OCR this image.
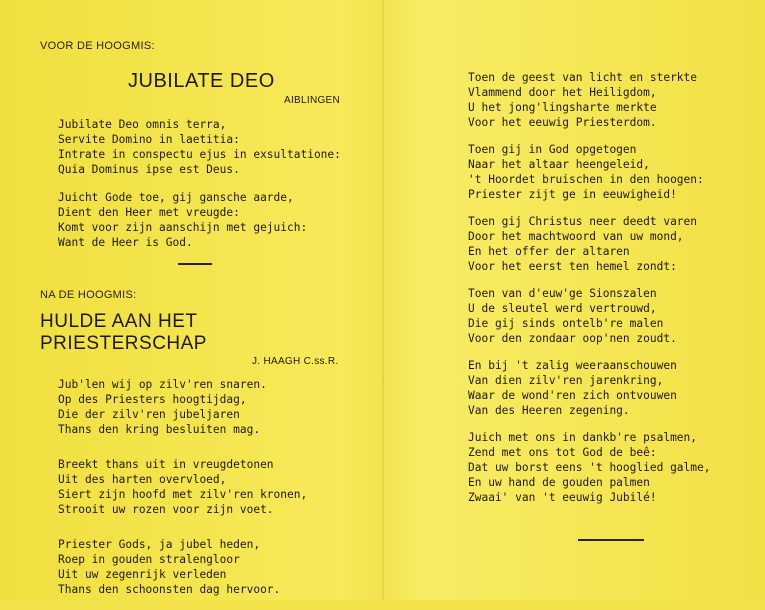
VOOR DE HOOGMIS:
JUBILATE DEO
AIBLINGEN
Jubilate Deo omnis terra,
Servite Domino in laetitia:
Intrate in conspectu ejus in exsultatione:
Quia Dominus ipse est Deus.
Juicht Gode toe, gij gansche aarde,
Dient den Heer met vreugde:
Komt voor zijn aanschijn met gejuich:
Want de Heer is God.
NA DE HOOGMIS:
HULDE AAN HET PRIESTERSCHAP
J. HAAGH C.ss.R.
Jub'len wij op zilv'ren snaren.
Op des Priesters hoogtijdag,
Die der zilv'ren jubeljaren
Thans den kring besluiten mag.
Breekt thans uit in vreugdetonen
Uit des harten overvloed,
Siert zijn hoofd met zilv'ren kronen,
Strooit uw rozen voor zijn voet.
Priester Gods, ja jubel heden,
Roep in gouden stralengloor
Uit uw zegenrijk verleden
Thans den schoonsten dag hervoor.
Toen de geest van licht en sterkte
Vlammend door het Heiligdom,
U het jong'lingsharte merkte
Voor het eeuwig Priesterdom.
Toen gij in God opgetogen
Naar het altaar heengeleid,
't Hoordet bruischen in den hoogen:
Priester zijt ge in eeuwigheid!
Toen gij Christus neer deedt varen
Door het machtwoord van uw mond,
En het offer der altaren
Voor het eerst ten hemel zondt:
Toen van d'euw'ge Sionszalen
U de sleutel werd vertrouwd,
Die gij sinds ontelb're malen
Voor den zondaar oop'nen zoudt.
En bij 't zalig weeraanschouwen
Van dien zilv'ren jarenkring,
Waar de wond'ren zich ontvouwen
Van des Heeren zegening.
Juich met ons in dankb're psalmen,
Zend met ons tot God de beê:
Dat uw borst eens 't hooglied galme,
En uw hand de gouden palmen
Zwaai' van 't eeuwig Jubilé!
